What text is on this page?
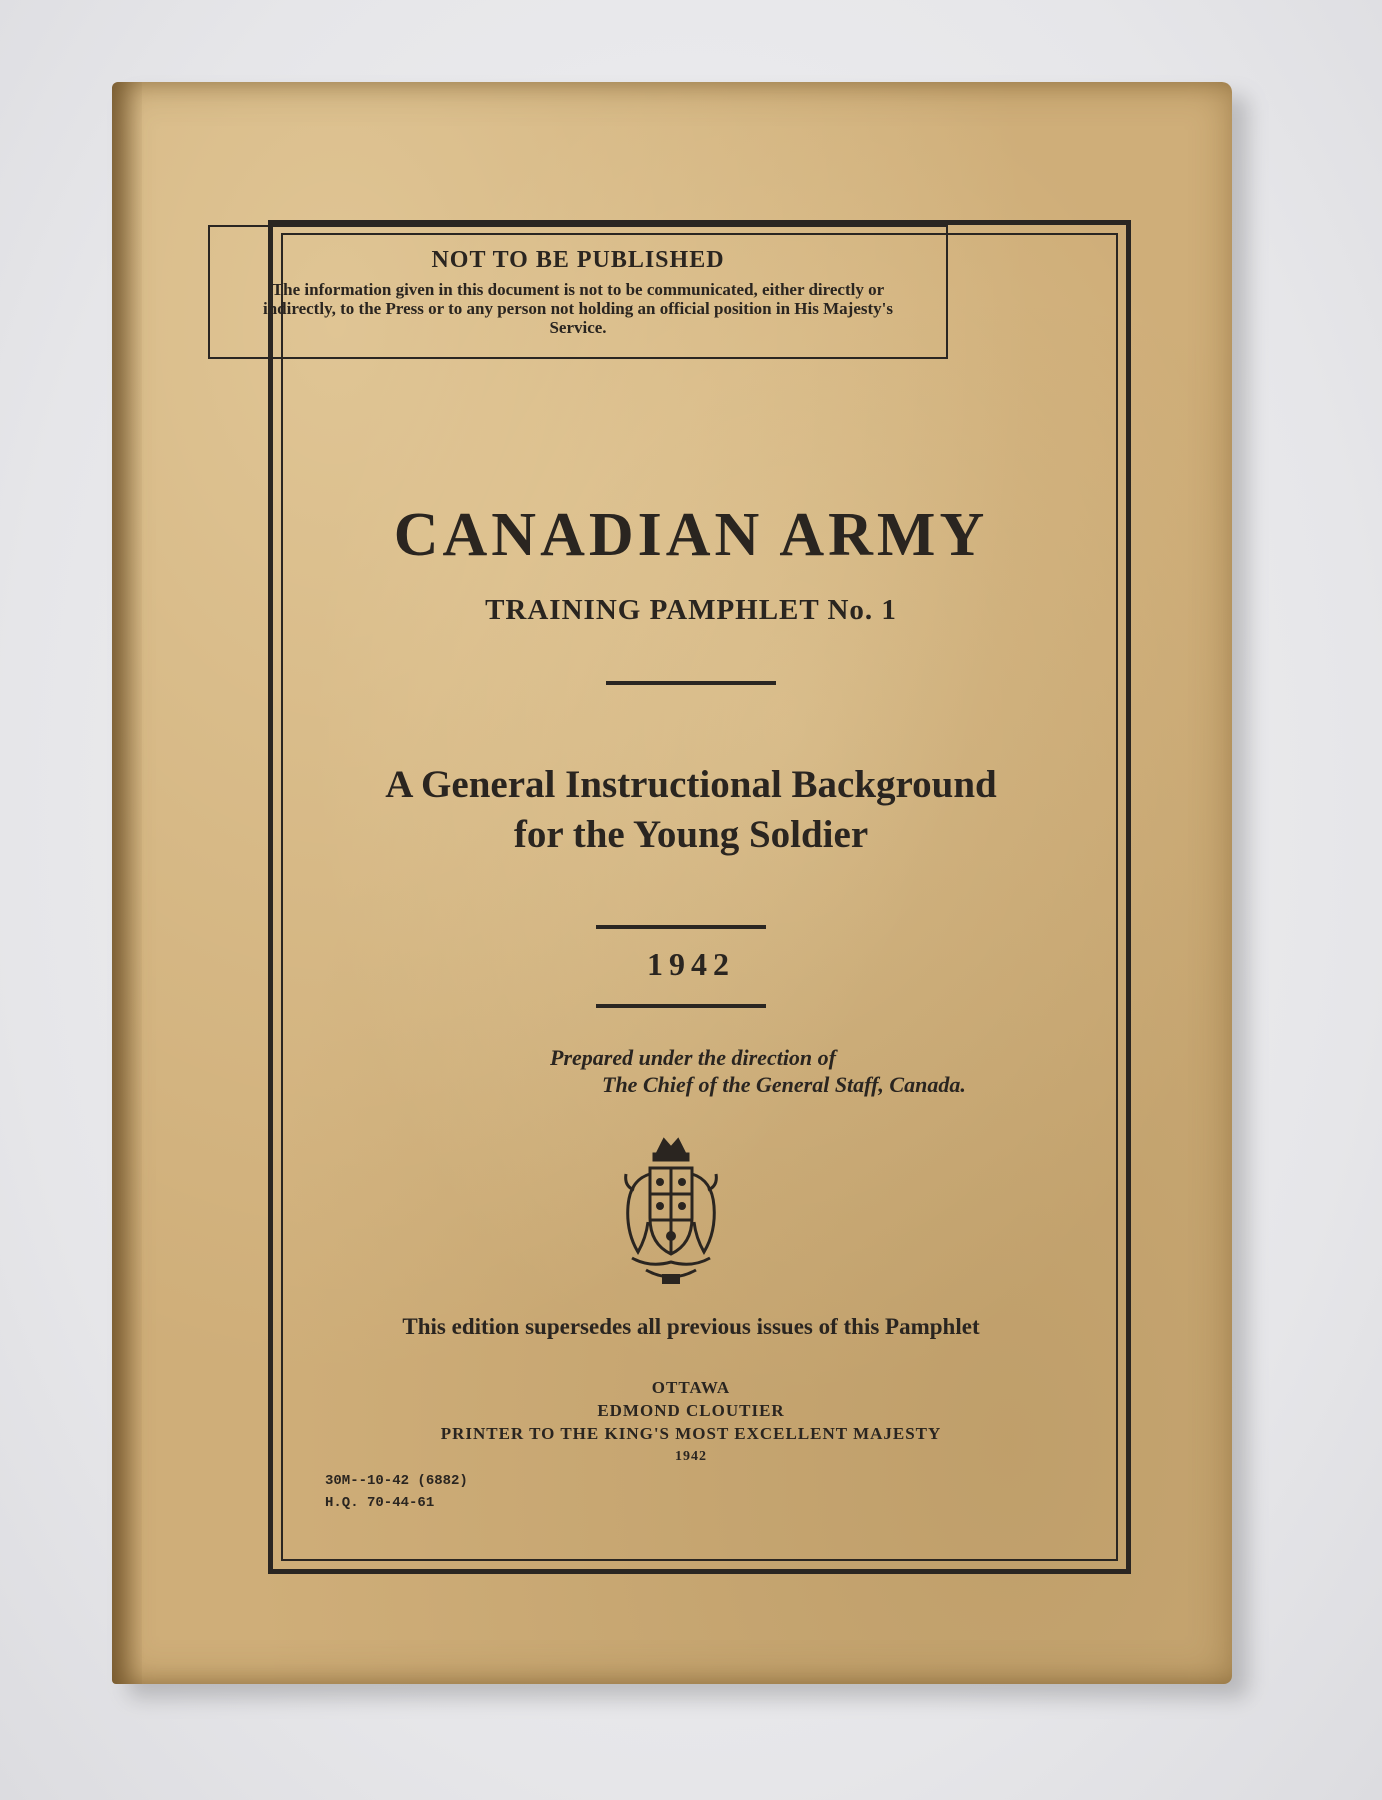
NOT TO BE PUBLISHED
The information given in this document is not to be communicated, either directly or indirectly, to the Press or to any person not holding an official position in His Majesty's Service.
CANADIAN ARMY
TRAINING PAMPHLET No. 1
A General Instructional Background
for the Young Soldier
1942
Prepared under the direction of
The Chief of the General Staff, Canada.
This edition supersedes all previous issues of this Pamphlet
OTTAWA
EDMOND CLOUTIER
PRINTER TO THE KING'S MOST EXCELLENT MAJESTY
1942
30M--10-42 (6882)
H.Q. 70-44-61
